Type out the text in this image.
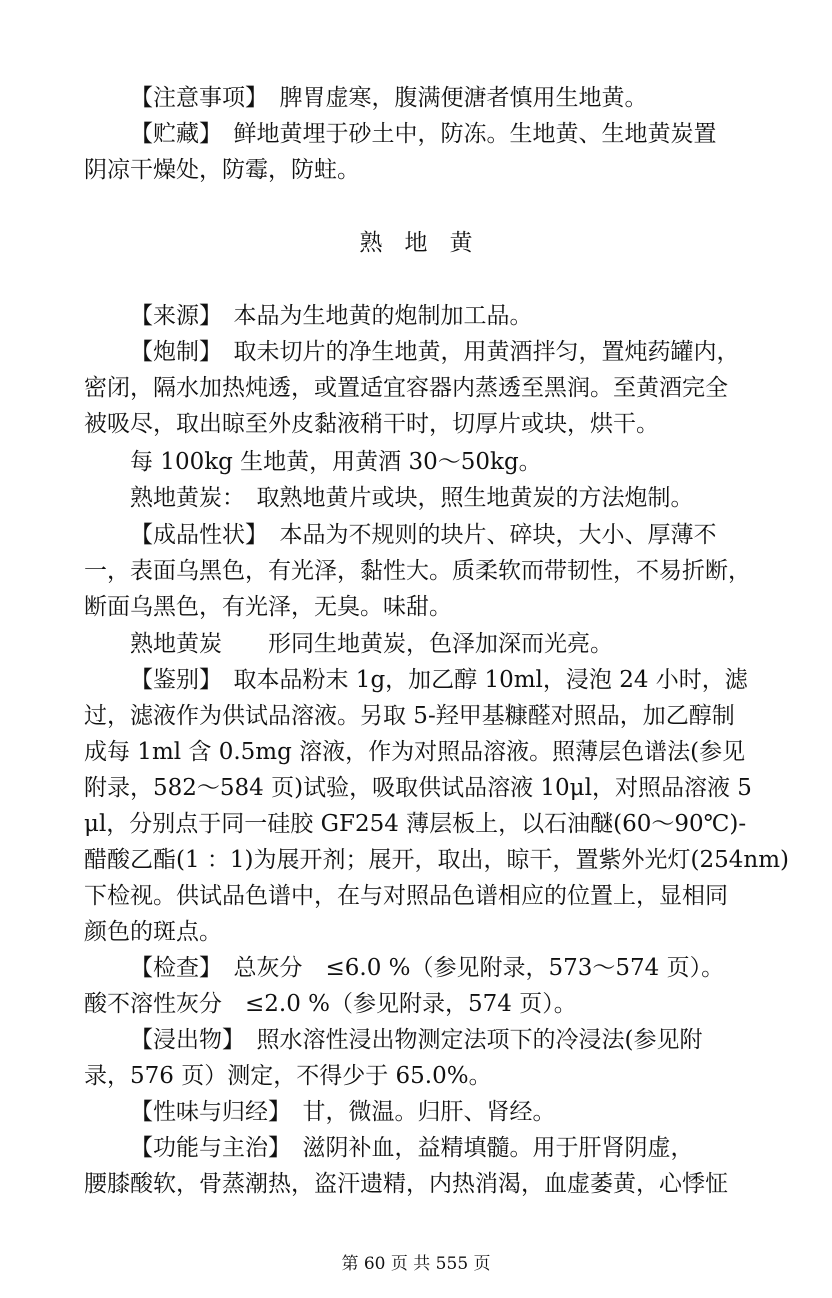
【注意事项】　脾胃虚寒，腹满便溏者慎用生地黄。
【贮藏】　鲜地黄埋于砂土中，防冻。生地黄、生地黄炭置
阴凉干燥处，防霉，防蛀。
熟地黄
【来源】　本品为生地黄的炮制加工品。
【炮制】　取未切片的净生地黄，用黄酒拌匀，置炖药罐内，
密闭，隔水加热炖透，或置适宜容器内蒸透至黑润。至黄酒完全
被吸尽，取出晾至外皮黏液稍干时，切厚片或块，烘干。
每 100kg 生地黄，用黄酒 30～50kg。
熟地黄炭：　取熟地黄片或块，照生地黄炭的方法炮制。
【成品性状】　本品为不规则的块片、碎块，大小、厚薄不
一，表面乌黑色，有光泽，黏性大。质柔软而带韧性，不易折断，
断面乌黑色，有光泽，无臭。味甜。
熟地黄炭　　形同生地黄炭，色泽加深而光亮。
【鉴别】　取本品粉末 1g，加乙醇 10ml，浸泡 24 小时，滤
过，滤液作为供试品溶液。另取 5-羟甲基糠醛对照品，加乙醇制
成每 1ml 含 0.5mg 溶液，作为对照品溶液。照薄层色谱法(参见
附录，582～584 页)试验，吸取供试品溶液 10μl，对照品溶液 5
μl，分别点于同一硅胶 GF254 薄层板上，以石油醚(60～90℃)-
醋酸乙酯(1 ：1)为展开剂；展开，取出，晾干，置紫外光灯(254nm)
下检视。供试品色谱中，在与对照品色谱相应的位置上，显相同
颜色的斑点。
【检查】　总灰分　≤6.0 %（参见附录，573～574 页）。
酸不溶性灰分　≤2.0 %（参见附录，574 页）。
【浸出物】　照水溶性浸出物测定法项下的冷浸法(参见附
录，576 页）测定，不得少于 65.0%。
【性味与归经】　甘，微温。归肝、肾经。
【功能与主治】　滋阴补血，益精填髓。用于肝肾阴虚，
腰膝酸软，骨蒸潮热，盗汗遗精，内热消渴，血虚萎黄，心悸怔
第 60 页 共 555 页
